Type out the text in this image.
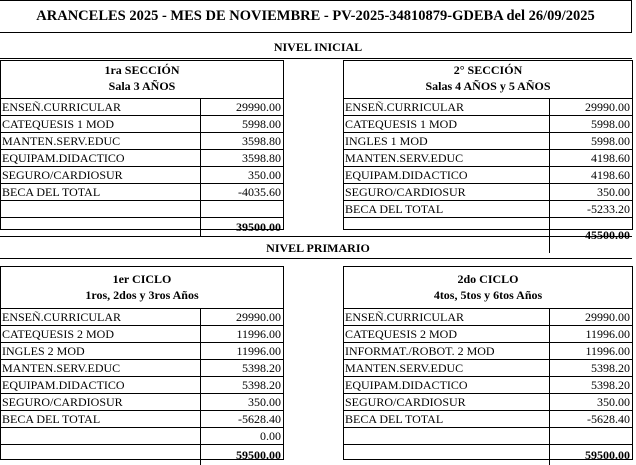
ARANCELES 2025 - MES DE NOVIEMBRE - PV-2025-34810879-GDEBA del 26/09/2025
NIVEL INICIAL
1ra SECCIÓN
Sala 3 AÑOS
ENSEÑ.CURRICULAR	29990.00
CATEQUESIS 1 MOD	5998.00
MANTEN.SERV.EDUC	3598.80
EQUIPAM.DIDACTICO	3598.80
SEGURO/CARDIOSUR	350.00
BECA DEL TOTAL	-4035.60
39500.00
2° SECCIÓN
Salas 4 AÑOS y 5 AÑOS
ENSEÑ.CURRICULAR	29990.00
CATEQUESIS 1 MOD	5998.00
INGLES 1 MOD	5998.00
MANTEN.SERV.EDUC	4198.60
EQUIPAM.DIDACTICO	4198.60
SEGURO/CARDIOSUR	350.00
BECA DEL TOTAL	-5233.20
45500.00
NIVEL PRIMARIO
1er CICLO
1ros, 2dos y 3ros Años
ENSEÑ.CURRICULAR	29990.00
CATEQUESIS 2 MOD	11996.00
INGLES 2 MOD	11996.00
MANTEN.SERV.EDUC	5398.20
EQUIPAM.DIDACTICO	5398.20
SEGURO/CARDIOSUR	350.00
BECA DEL TOTAL	-5628.40
0.00
59500.00
2do CICLO
4tos, 5tos y 6tos Años
ENSEÑ.CURRICULAR	29990.00
CATEQUESIS 2 MOD	11996.00
INFORMAT./ROBOT. 2 MOD	11996.00
MANTEN.SERV.EDUC	5398.20
EQUIPAM.DIDACTICO	5398.20
SEGURO/CARDIOSUR	350.00
BECA DEL TOTAL	-5628.40
59500.00
